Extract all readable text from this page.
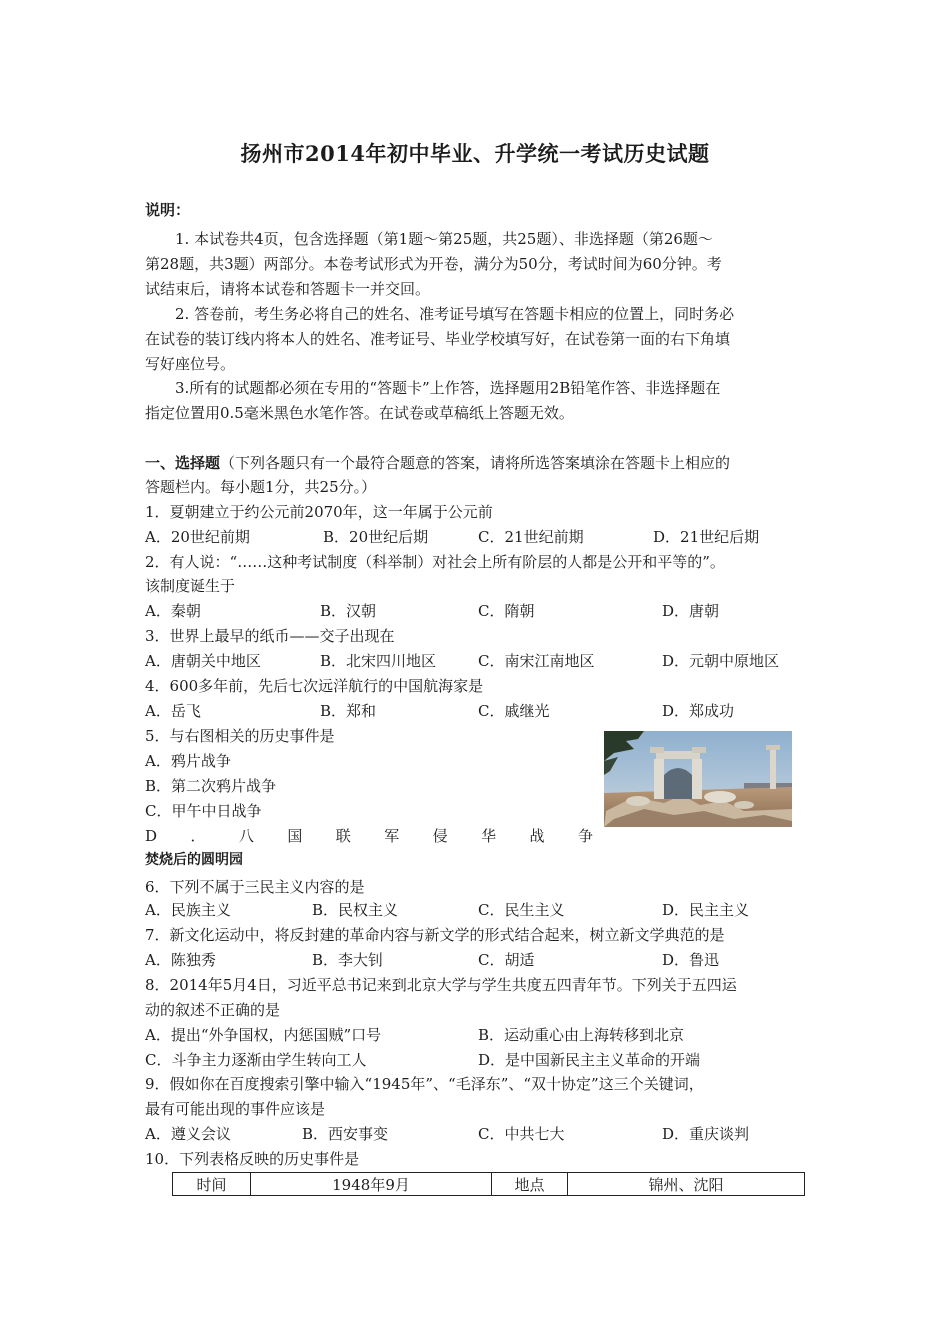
扬州市2014年初中毕业、升学统一考试历史试题
说明：
1. 本试卷共4页，包含选择题（第1题～第25题，共25题）、非选择题（第26题～
第28题，共3题）两部分。本卷考试形式为开卷，满分为50分，考试时间为60分钟。考
试结束后，请将本试卷和答题卡一并交回。
2. 答卷前，考生务必将自己的姓名、准考证号填写在答题卡相应的位置上，同时务必
在试卷的装订线内将本人的姓名、准考证号、毕业学校填写好，在试卷第一面的右下角填
写好座位号。
3.所有的试题都必须在专用的“答题卡”上作答，选择题用2B铅笔作答、非选择题在
指定位置用0.5毫米黑色水笔作答。在试卷或草稿纸上答题无效。
一、选择题（下列各题只有一个最符合题意的答案，请将所选答案填涂在答题卡上相应的
答题栏内。每小题1分，共25分。）
1．夏朝建立于约公元前2070年，这一年属于公元前
A．20世纪前期	B．20世纪后期	C．21世纪前期	D．21世纪后期
2．有人说：“……这种考试制度（科举制）对社会上所有阶层的人都是公开和平等的”。
该制度诞生于
A．秦朝	B．汉朝	C．隋朝	D．唐朝
3．世界上最早的纸币——交子出现在
A．唐朝关中地区	B．北宋四川地区	C．南宋江南地区	D．元朝中原地区
4．600多年前，先后七次远洋航行的中国航海家是
A．岳飞	B．郑和	C．戚继光	D．郑成功
5．与右图相关的历史事件是
A．鸦片战争
B．第二次鸦片战争
C．甲午中日战争
D ． 八 国 联 军 侵 华 战 争
焚烧后的圆明园
6．下列不属于三民主义内容的是
A．民族主义	B．民权主义	C．民生主义	D．民主主义
7．新文化运动中，将反封建的革命内容与新文学的形式结合起来，树立新文学典范的是
A．陈独秀	B．李大钊	C．胡适	D．鲁迅
8．2014年5月4日，习近平总书记来到北京大学与学生共度五四青年节。下列关于五四运
动的叙述不正确的是
A．提出“外争国权，内惩国贼”口号	B．运动重心由上海转移到北京
C．斗争主力逐渐由学生转向工人	D．是中国新民主主义革命的开端
9．假如你在百度搜索引擎中输入“1945年”、“毛泽东”、“双十协定”这三个关键词，
最有可能出现的事件应该是
A．遵义会议	B．西安事变	C．中共七大	D．重庆谈判
10．下列表格反映的历史事件是
时间	1948年9月	地点	锦州、沈阳
